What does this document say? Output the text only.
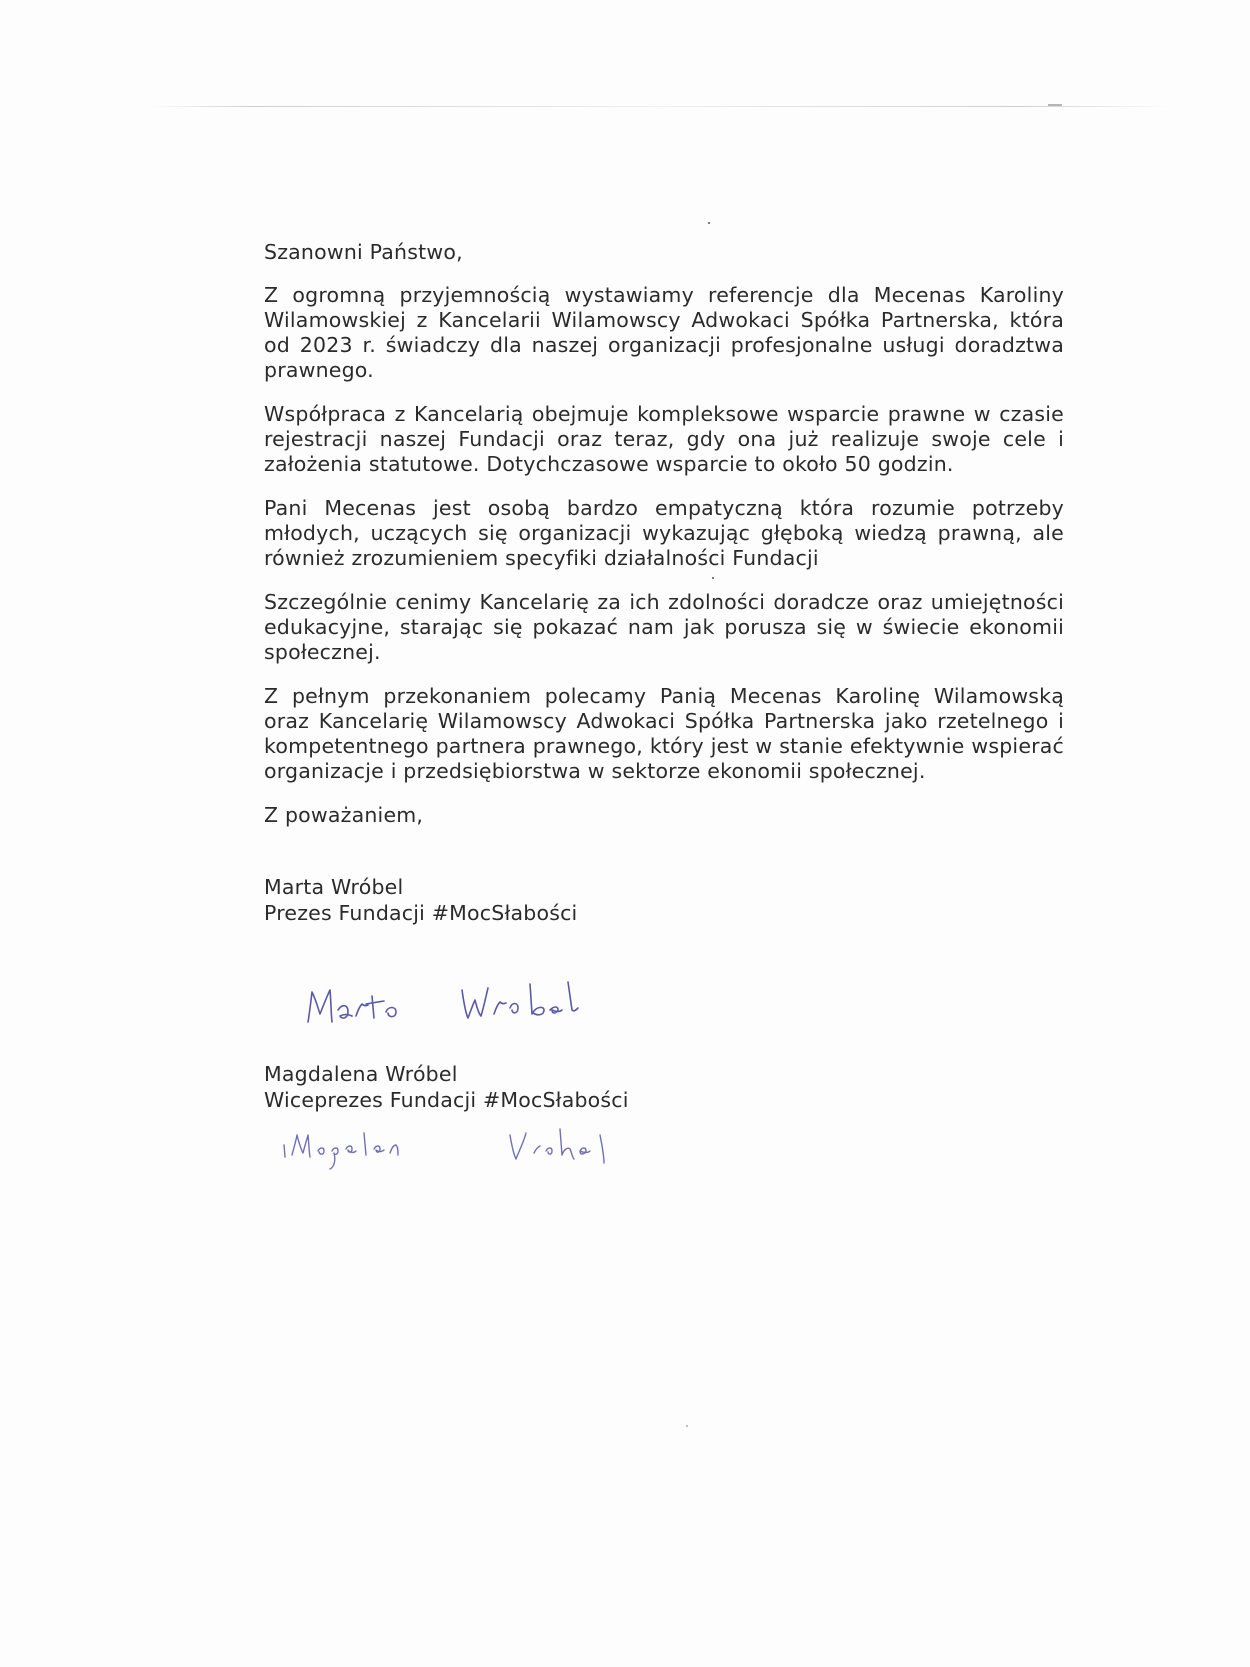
Szanowni Państwo,

Z ogromną przyjemnością wystawiamy referencje dla Mecenas Karoliny Wilamowskiej z Kancelarii Wilamowscy Adwokaci Spółka Partnerska, która od 2023 r. świadczy dla naszej organizacji profesjonalne usługi doradztwa prawnego.

Współpraca z Kancelarią obejmuje kompleksowe wsparcie prawne w czasie rejestracji naszej Fundacji oraz teraz, gdy ona już realizuje swoje cele i założenia statutowe. Dotychczasowe wsparcie to około 50 godzin.

Pani Mecenas jest osobą bardzo empatyczną która rozumie potrzeby młodych, uczących się organizacji wykazując głęboką wiedzą prawną, ale również zrozumieniem specyfiki działalności Fundacji

Szczególnie cenimy Kancelarię za ich zdolności doradcze oraz umiejętności edukacyjne, starając się pokazać nam jak porusza się w świecie ekonomii społecznej.

Z pełnym przekonaniem polecamy Panią Mecenas Karolinę Wilamowską oraz Kancelarię Wilamowscy Adwokaci Spółka Partnerska jako rzetelnego i kompetentnego partnera prawnego, który jest w stanie efektywnie wspierać organizacje i przedsiębiorstwa w sektorze ekonomii społecznej.

Z poważaniem,

Marta Wróbel
Prezes Fundacji #MocSłabości
Magdalena Wróbel
Wiceprezes Fundacji #MocSłabości
